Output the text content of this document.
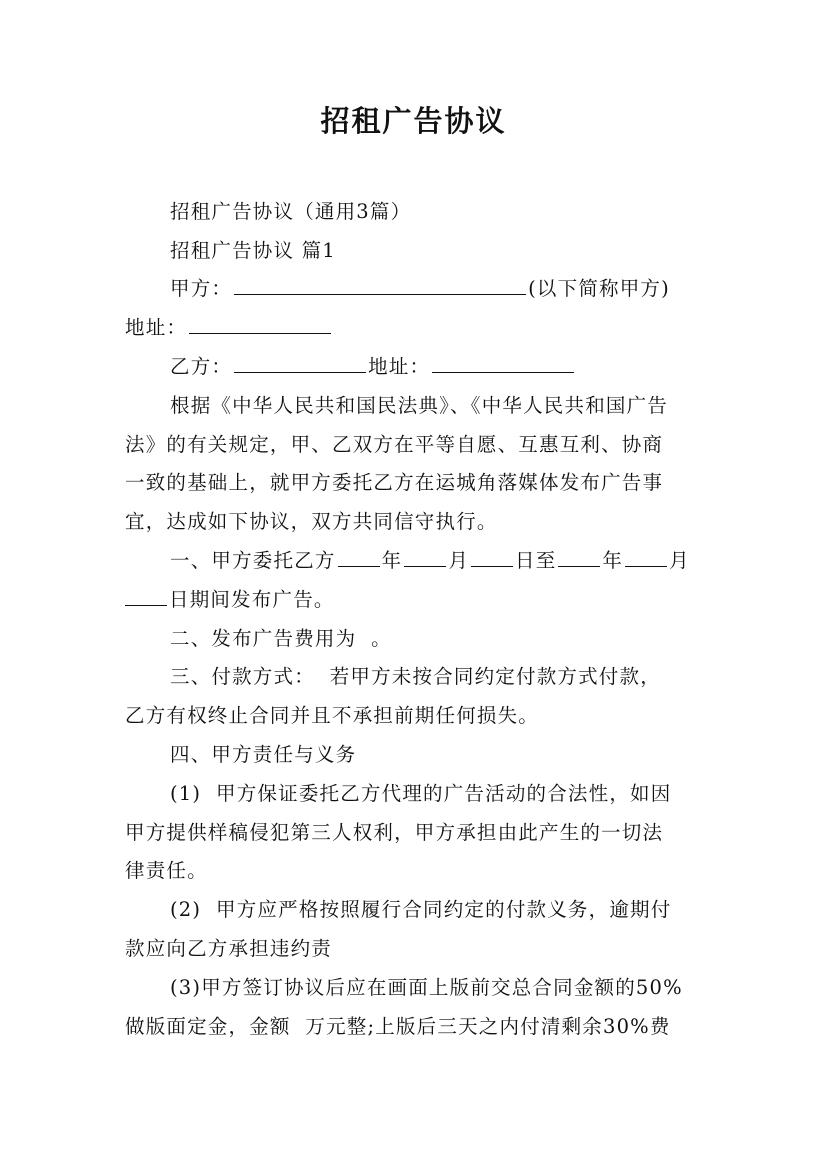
招租广告协议
招租广告协议（通用3篇）
招租广告协议 篇1
甲方：	(以下简称甲方)
地址：
乙方：	地址：
根据《中华人民共和国民法典》、《中华人民共和国广告
法》的有关规定，甲、乙双方在平等自愿、互惠互利、协商
一致的基础上，就甲方委托乙方在运城角落媒体发布广告事
宜，达成如下协议，双方共同信守执行。
一、甲方委托乙方 年 月 日至 年 月
日期间发布广告。
二、发布广告费用为  。
三、付款方式：  若甲方未按合同约定付款方式付款，
乙方有权终止合同并且不承担前期任何损失。
四、甲方责任与义务
(1)  甲方保证委托乙方代理的广告活动的合法性，如因
甲方提供样稿侵犯第三人权利，甲方承担由此产生的一切法
律责任。
(2)  甲方应严格按照履行合同约定的付款义务，逾期付
款应向乙方承担违约责
(3)甲方签订协议后应在画面上版前交总合同金额的50%
做版面定金，金额  万元整;上版后三天之内付清剩余30%费
